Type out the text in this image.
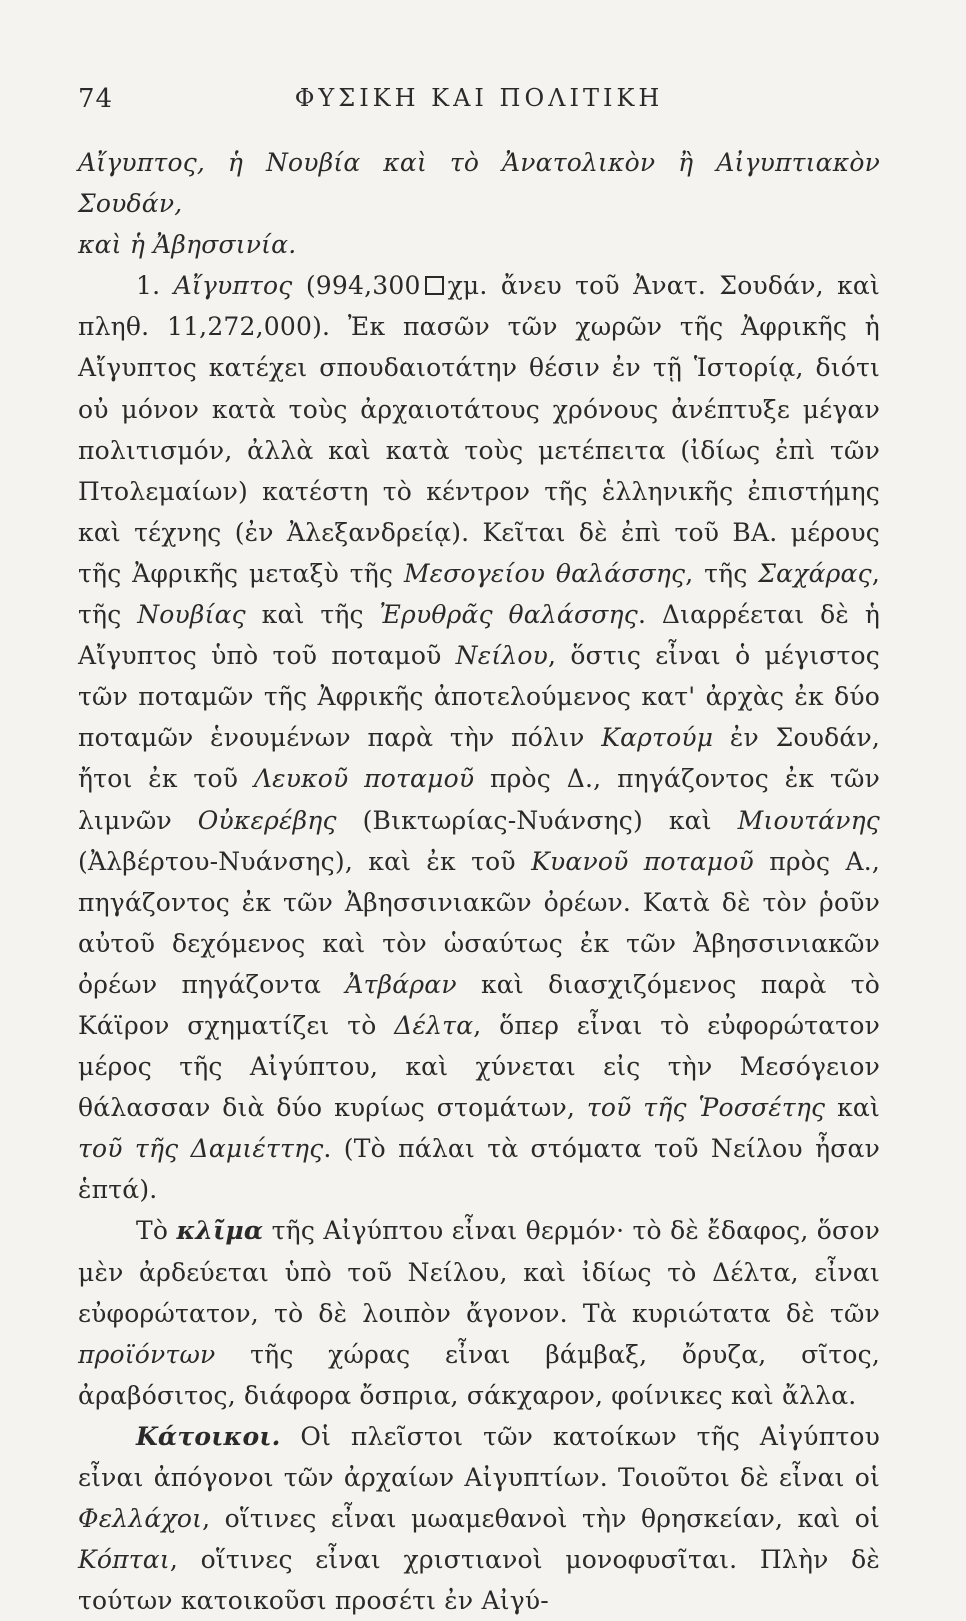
74	ΦΥΣΙΚΗ ΚΑΙ ΠΟΛΙΤΙΚΗ

Αἴγυπτος, ἡ Νουβία καὶ τὸ Ἀνατολικὸν ἢ Αἰγυπτιακὸν Σουδάν,
καὶ ἡ Ἀβησσινία.

1. Αἴγυπτος (994,300 χμ. ἄνευ τοῦ Ἀνατ. Σουδάν, καὶ πληθ. 11,272,000). Ἐκ πασῶν τῶν χωρῶν τῆς Ἀφρικῆς ἡ Αἴγυπτος κατέχει σπουδαιοτάτην θέσιν ἐν τῇ Ἱστορίᾳ, διότι οὐ μόνον κατὰ τοὺς ἀρχαιοτάτους χρόνους ἀνέπτυξε μέγαν πολιτισμόν, ἀλλὰ καὶ κατὰ τοὺς μετέπειτα (ἰδίως ἐπὶ τῶν Πτολεμαίων) κατέστη τὸ κέντρον τῆς ἑλληνικῆς ἐπιστήμης καὶ τέχνης (ἐν Ἀλεξανδρείᾳ). Κεῖται δὲ ἐπὶ τοῦ ΒΑ. μέρους τῆς Ἀφρικῆς μεταξὺ τῆς Μεσογείου θαλάσσης, τῆς Σαχάρας, τῆς Νουβίας καὶ τῆς Ἐρυθρᾶς θαλάσσης. Διαρρέεται δὲ ἡ Αἴγυπτος ὑπὸ τοῦ ποταμοῦ Νείλου, ὅστις εἶναι ὁ μέγιστος τῶν ποταμῶν τῆς Ἀφρικῆς ἀποτελούμενος κατ' ἀρχὰς ἐκ δύο ποταμῶν ἑνουμένων παρὰ τὴν πόλιν Καρτούμ ἐν Σουδάν, ἤτοι ἐκ τοῦ Λευκοῦ ποταμοῦ πρὸς Δ., πηγάζοντος ἐκ τῶν λιμνῶν Οὐκερέβης (Βικτωρίας-Νυάνσης) καὶ Μιουτάνης (Ἀλβέρτου-Νυάνσης), καὶ ἐκ τοῦ Κυανοῦ ποταμοῦ πρὸς Α., πηγάζοντος ἐκ τῶν Ἀβησσινιακῶν ὀρέων. Κατὰ δὲ τὸν ῥοῦν αὐτοῦ δεχόμενος καὶ τὸν ὡσαύτως ἐκ τῶν Ἀβησσινιακῶν ὀρέων πηγάζοντα Ἀτβάραν καὶ διασχιζόμενος παρὰ τὸ Κάϊρον σχηματίζει τὸ Δέλτα, ὅπερ εἶναι τὸ εὐφορώτατον μέρος τῆς Αἰγύπτου, καὶ χύνεται εἰς τὴν Μεσόγειον θάλασσαν διὰ δύο κυρίως στομάτων, τοῦ τῆς Ῥοσσέτης καὶ τοῦ τῆς Δαμιέττης. (Τὸ πάλαι τὰ στόματα τοῦ Νείλου ἦσαν ἑπτά).

Τὸ κλῖμα τῆς Αἰγύπτου εἶναι θερμόν· τὸ δὲ ἔδαφος, ὅσον μὲν ἀρδεύεται ὑπὸ τοῦ Νείλου, καὶ ἰδίως τὸ Δέλτα, εἶναι εὐφορώτατον, τὸ δὲ λοιπὸν ἄγονον. Τὰ κυριώτατα δὲ τῶν προϊόντων τῆς χώρας εἶναι βάμβαξ, ὄρυζα, σῖτος, ἀραβόσιτος, διάφορα ὄσπρια, σάκχαρον, φοίνικες καὶ ἄλλα.

Κάτοικοι. Οἱ πλεῖστοι τῶν κατοίκων τῆς Αἰγύπτου εἶναι ἀπόγονοι τῶν ἀρχαίων Αἰγυπτίων. Τοιοῦτοι δὲ εἶναι οἱ Φελλάχοι, οἵτινες εἶναι μωαμεθανοὶ τὴν θρησκείαν, καὶ οἱ Κόπται, οἵτινες εἶναι χριστιανοὶ μονοφυσῖται. Πλὴν δὲ τούτων κατοικοῦσι προσέτι ἐν Αἰγύ-
